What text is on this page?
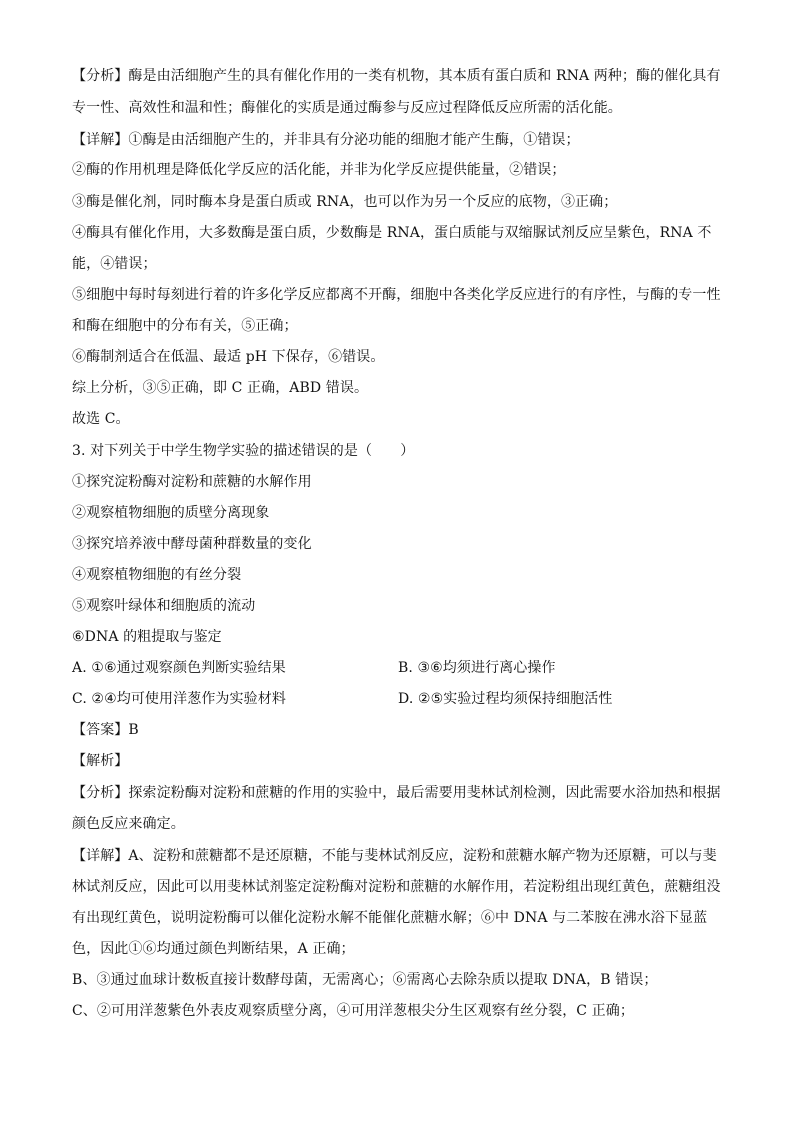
【分析】酶是由活细胞产生的具有催化作用的一类有机物，其本质有蛋白质和 RNA 两种；酶的催化具有
专一性、高效性和温和性；酶催化的实质是通过酶参与反应过程降低反应所需的活化能。
【详解】①酶是由活细胞产生的，并非具有分泌功能的细胞才能产生酶，①错误；
②酶的作用机理是降低化学反应的活化能，并非为化学反应提供能量，②错误；
③酶是催化剂，同时酶本身是蛋白质或 RNA，也可以作为另一个反应的底物，③正确；
④酶具有催化作用，大多数酶是蛋白质，少数酶是 RNA，蛋白质能与双缩脲试剂反应呈紫色，RNA 不
能，④错误；
⑤细胞中每时每刻进行着的许多化学反应都离不开酶，细胞中各类化学反应进行的有序性，与酶的专一性
和酶在细胞中的分布有关，⑤正确；
⑥酶制剂适合在低温、最适 pH 下保存，⑥错误。
综上分析，③⑤正确，即 C 正确，ABD 错误。
故选 C。
3. 对下列关于中学生物学实验的描述错误的是（　　）
①探究淀粉酶对淀粉和蔗糖的水解作用
②观察植物细胞的质壁分离现象
③探究培养液中酵母菌种群数量的变化
④观察植物细胞的有丝分裂
⑤观察叶绿体和细胞质的流动
⑥DNA 的粗提取与鉴定
A. ①⑥通过观察颜色判断实验结果	B. ③⑥均须进行离心操作
C. ②④均可使用洋葱作为实验材料	D. ②⑤实验过程均须保持细胞活性
【答案】B
【解析】
【分析】探索淀粉酶对淀粉和蔗糖的作用的实验中，最后需要用斐林试剂检测，因此需要水浴加热和根据
颜色反应来确定。
【详解】A、淀粉和蔗糖都不是还原糖，不能与斐林试剂反应，淀粉和蔗糖水解产物为还原糖，可以与斐
林试剂反应，因此可以用斐林试剂鉴定淀粉酶对淀粉和蔗糖的水解作用，若淀粉组出现红黄色，蔗糖组没
有出现红黄色，说明淀粉酶可以催化淀粉水解不能催化蔗糖水解；⑥中 DNA 与二苯胺在沸水浴下显蓝
色，因此①⑥均通过颜色判断结果，A 正确；
B、③通过血球计数板直接计数酵母菌，无需离心；⑥需离心去除杂质以提取 DNA，B 错误；
C、②可用洋葱紫色外表皮观察质壁分离，④可用洋葱根尖分生区观察有丝分裂，C 正确；
